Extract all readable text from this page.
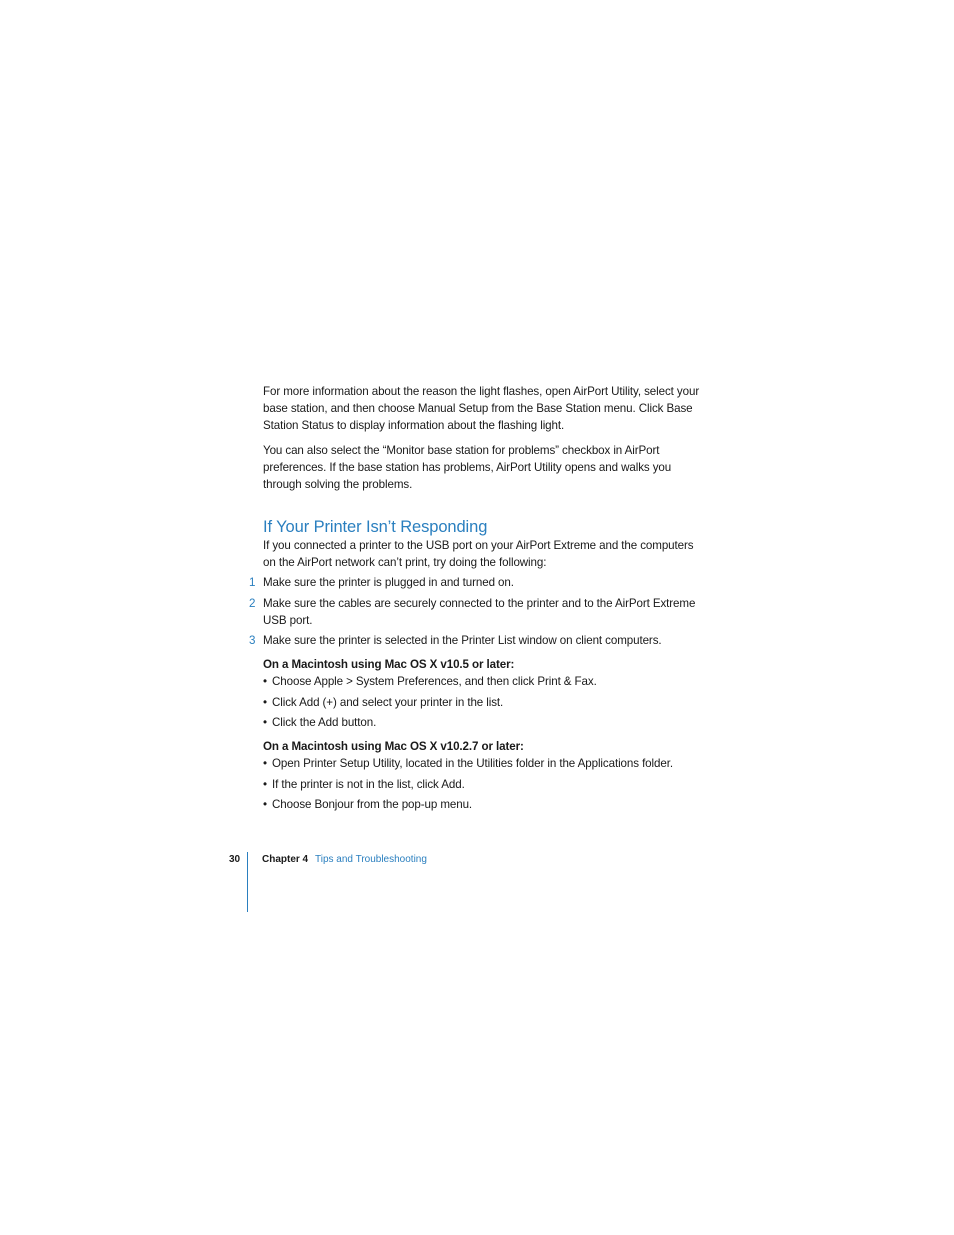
For more information about the reason the light flashes, open AirPort Utility, select your base station, and then choose Manual Setup from the Base Station menu. Click Base Station Status to display information about the flashing light.

You can also select the “Monitor base station for problems” checkbox in AirPort preferences. If the base station has problems, AirPort Utility opens and walks you through solving the problems.

If Your Printer Isn’t Responding

If you connected a printer to the USB port on your AirPort Extreme and the computers on the AirPort network can’t print, try doing the following:

1 Make sure the printer is plugged in and turned on.
2 Make sure the cables are securely connected to the printer and to the AirPort Extreme USB port.
3 Make sure the printer is selected in the Printer List window on client computers.

On a Macintosh using Mac OS X v10.5 or later:

• Choose Apple > System Preferences, and then click Print & Fax.
• Click Add (+) and select your printer in the list.
• Click the Add button.

On a Macintosh using Mac OS X v10.2.7 or later:

• Open Printer Setup Utility, located in the Utilities folder in the Applications folder.
• If the printer is not in the list, click Add.
• Choose Bonjour from the pop-up menu.
30 Chapter 4 Tips and Troubleshooting
